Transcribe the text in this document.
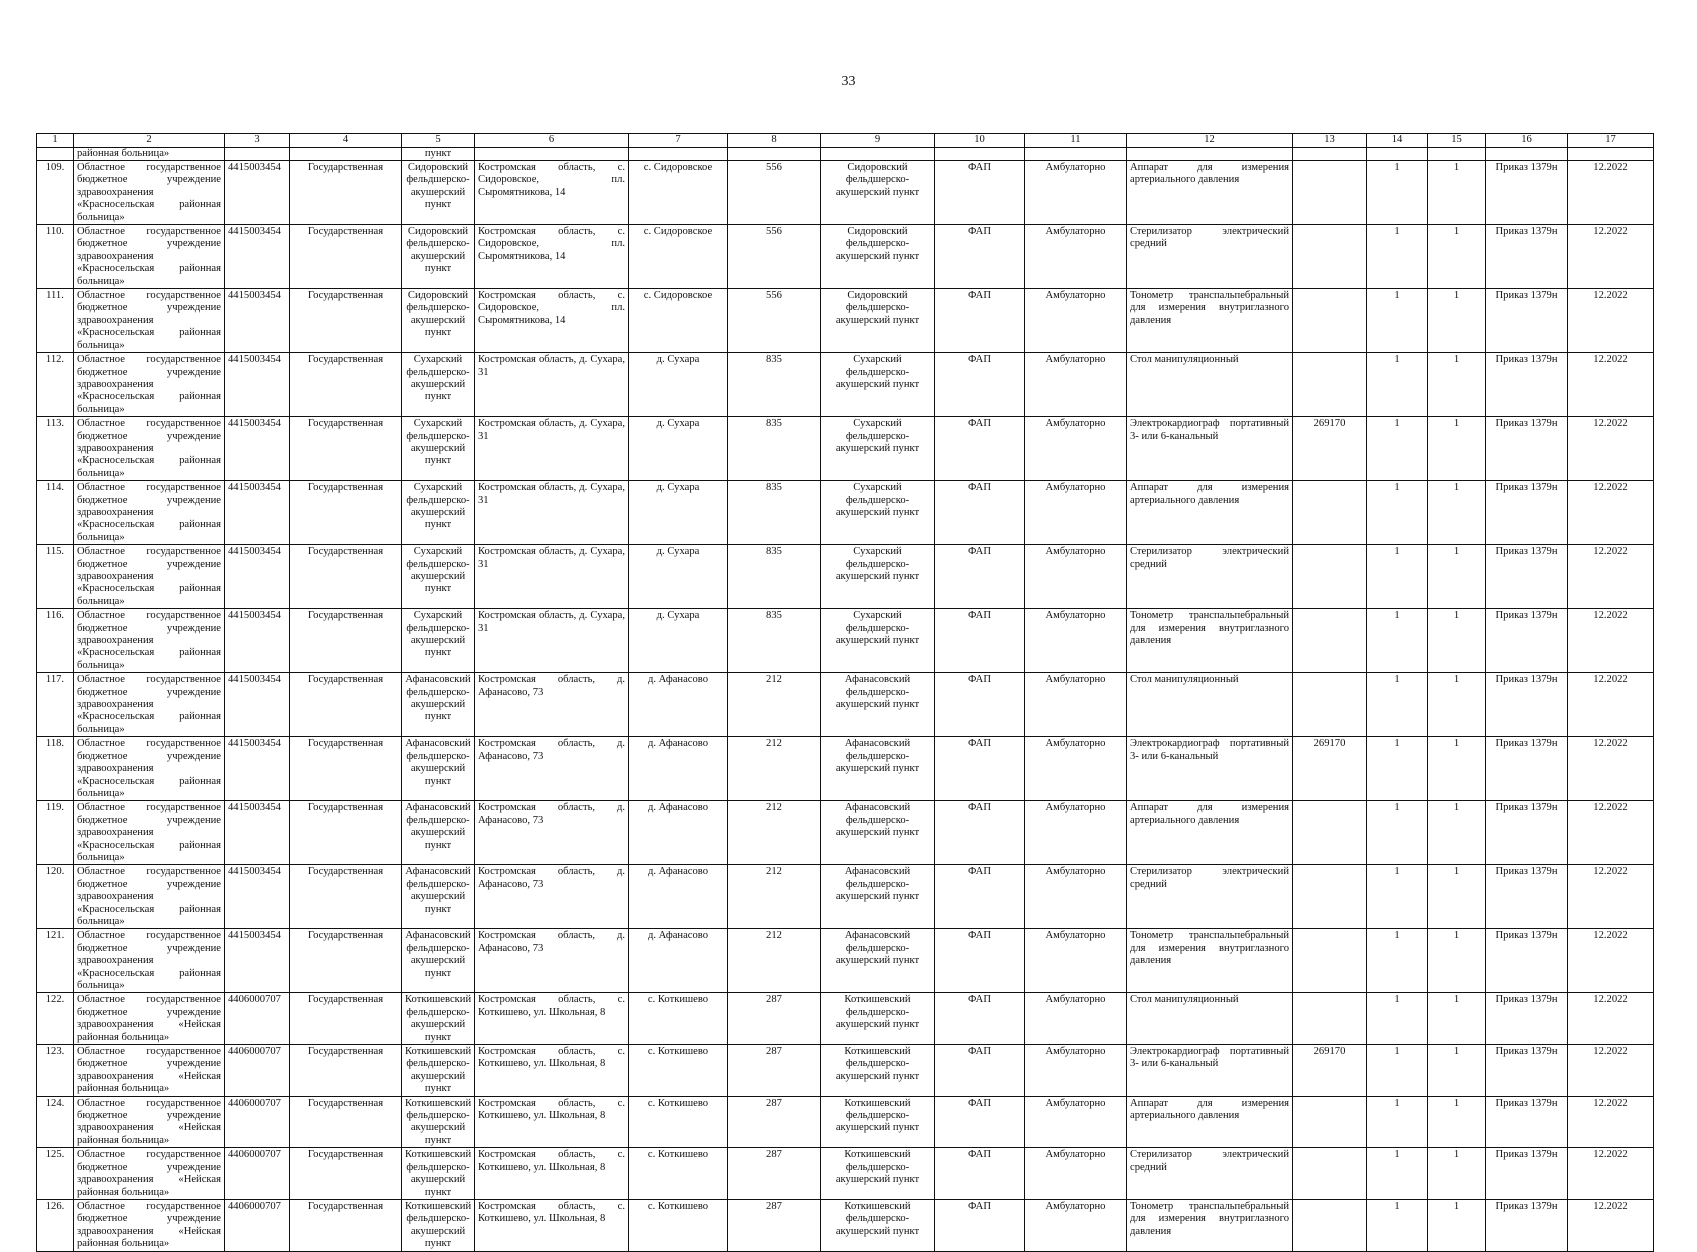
33
1	2	3	4	5	6	7	8	9	10	11	12	13	14	15	16	17
	районная больница»			пункт												
109.	Областное государственное бюджетное учреждение здравоохранения «Красносельская районная больница»	4415003454	Государственная	Сидоровский фельдшерско-акушерский пункт	Костромская область, с. Сидоровское, пл. Сыромятникова, 14	с. Сидоровское	556	Сидоровский фельдшерско-акушерский пункт	ФАП	Амбулаторно	Аппарат для измерения артериального давления		1	1	Приказ 1379н	12.2022
110.	Областное государственное бюджетное учреждение здравоохранения «Красносельская районная больница»	4415003454	Государственная	Сидоровский фельдшерско-акушерский пункт	Костромская область, с. Сидоровское, пл. Сыромятникова, 14	с. Сидоровское	556	Сидоровский фельдшерско-акушерский пункт	ФАП	Амбулаторно	Стерилизатор электрический средний		1	1	Приказ 1379н	12.2022
111.	Областное государственное бюджетное учреждение здравоохранения «Красносельская районная больница»	4415003454	Государственная	Сидоровский фельдшерско-акушерский пункт	Костромская область, с. Сидоровское, пл. Сыромятникова, 14	с. Сидоровское	556	Сидоровский фельдшерско-акушерский пункт	ФАП	Амбулаторно	Тонометр транспальпебральный для измерения внутриглазного давления		1	1	Приказ 1379н	12.2022
112.	Областное государственное бюджетное учреждение здравоохранения «Красносельская районная больница»	4415003454	Государственная	Сухарский фельдшерско-акушерский пункт	Костромская область, д. Сухара, 31	д. Сухара	835	Сухарский фельдшерско-акушерский пункт	ФАП	Амбулаторно	Стол манипуляционный		1	1	Приказ 1379н	12.2022
113.	Областное государственное бюджетное учреждение здравоохранения «Красносельская районная больница»	4415003454	Государственная	Сухарский фельдшерско-акушерский пункт	Костромская область, д. Сухара, 31	д. Сухара	835	Сухарский фельдшерско-акушерский пункт	ФАП	Амбулаторно	Электрокардиограф портативный 3- или 6-канальный	269170	1	1	Приказ 1379н	12.2022
114.	Областное государственное бюджетное учреждение здравоохранения «Красносельская районная больница»	4415003454	Государственная	Сухарский фельдшерско-акушерский пункт	Костромская область, д. Сухара, 31	д. Сухара	835	Сухарский фельдшерско-акушерский пункт	ФАП	Амбулаторно	Аппарат для измерения артериального давления		1	1	Приказ 1379н	12.2022
115.	Областное государственное бюджетное учреждение здравоохранения «Красносельская районная больница»	4415003454	Государственная	Сухарский фельдшерско-акушерский пункт	Костромская область, д. Сухара, 31	д. Сухара	835	Сухарский фельдшерско-акушерский пункт	ФАП	Амбулаторно	Стерилизатор электрический средний		1	1	Приказ 1379н	12.2022
116.	Областное государственное бюджетное учреждение здравоохранения «Красносельская районная больница»	4415003454	Государственная	Сухарский фельдшерско-акушерский пункт	Костромская область, д. Сухара, 31	д. Сухара	835	Сухарский фельдшерско-акушерский пункт	ФАП	Амбулаторно	Тонометр транспальпебральный для измерения внутриглазного давления		1	1	Приказ 1379н	12.2022
117.	Областное государственное бюджетное учреждение здравоохранения «Красносельская районная больница»	4415003454	Государственная	Афанасовский фельдшерско-акушерский пункт	Костромская область, д. Афанасово, 73	д. Афанасово	212	Афанасовский фельдшерско-акушерский пункт	ФАП	Амбулаторно	Стол манипуляционный		1	1	Приказ 1379н	12.2022
118.	Областное государственное бюджетное учреждение здравоохранения «Красносельская районная больница»	4415003454	Государственная	Афанасовский фельдшерско-акушерский пункт	Костромская область, д. Афанасово, 73	д. Афанасово	212	Афанасовский фельдшерско-акушерский пункт	ФАП	Амбулаторно	Электрокардиограф портативный 3- или 6-канальный	269170	1	1	Приказ 1379н	12.2022
119.	Областное государственное бюджетное учреждение здравоохранения «Красносельская районная больница»	4415003454	Государственная	Афанасовский фельдшерско-акушерский пункт	Костромская область, д. Афанасово, 73	д. Афанасово	212	Афанасовский фельдшерско-акушерский пункт	ФАП	Амбулаторно	Аппарат для измерения артериального давления		1	1	Приказ 1379н	12.2022
120.	Областное государственное бюджетное учреждение здравоохранения «Красносельская районная больница»	4415003454	Государственная	Афанасовский фельдшерско-акушерский пункт	Костромская область, д. Афанасово, 73	д. Афанасово	212	Афанасовский фельдшерско-акушерский пункт	ФАП	Амбулаторно	Стерилизатор электрический средний		1	1	Приказ 1379н	12.2022
121.	Областное государственное бюджетное учреждение здравоохранения «Красносельская районная больница»	4415003454	Государственная	Афанасовский фельдшерско-акушерский пункт	Костромская область, д. Афанасово, 73	д. Афанасово	212	Афанасовский фельдшерско-акушерский пункт	ФАП	Амбулаторно	Тонометр транспальпебральный для измерения внутриглазного давления		1	1	Приказ 1379н	12.2022
122.	Областное государственное бюджетное учреждение здравоохранения «Нейская районная больница»	4406000707	Государственная	Коткишевский фельдшерско-акушерский пункт	Костромская область, с. Коткишево, ул. Школьная, 8	с. Коткишево	287	Коткишевский фельдшерско-акушерский пункт	ФАП	Амбулаторно	Стол манипуляционный		1	1	Приказ 1379н	12.2022
123.	Областное государственное бюджетное учреждение здравоохранения «Нейская районная больница»	4406000707	Государственная	Коткишевский фельдшерско-акушерский пункт	Костромская область, с. Коткишево, ул. Школьная, 8	с. Коткишево	287	Коткишевский фельдшерско-акушерский пункт	ФАП	Амбулаторно	Электрокардиограф портативный 3- или 6-канальный	269170	1	1	Приказ 1379н	12.2022
124.	Областное государственное бюджетное учреждение здравоохранения «Нейская районная больница»	4406000707	Государственная	Коткишевский фельдшерско-акушерский пункт	Костромская область, с. Коткишево, ул. Школьная, 8	с. Коткишево	287	Коткишевский фельдшерско-акушерский пункт	ФАП	Амбулаторно	Аппарат для измерения артериального давления		1	1	Приказ 1379н	12.2022
125.	Областное государственное бюджетное учреждение здравоохранения «Нейская районная больница»	4406000707	Государственная	Коткишевский фельдшерско-акушерский пункт	Костромская область, с. Коткишево, ул. Школьная, 8	с. Коткишево	287	Коткишевский фельдшерско-акушерский пункт	ФАП	Амбулаторно	Стерилизатор электрический средний		1	1	Приказ 1379н	12.2022
126.	Областное государственное бюджетное учреждение здравоохранения «Нейская районная больница»	4406000707	Государственная	Коткишевский фельдшерско-акушерский пункт	Костромская область, с. Коткишево, ул. Школьная, 8	с. Коткишево	287	Коткишевский фельдшерско-акушерский пункт	ФАП	Амбулаторно	Тонометр транспальпебральный для измерения внутриглазного давления		1	1	Приказ 1379н	12.2022
